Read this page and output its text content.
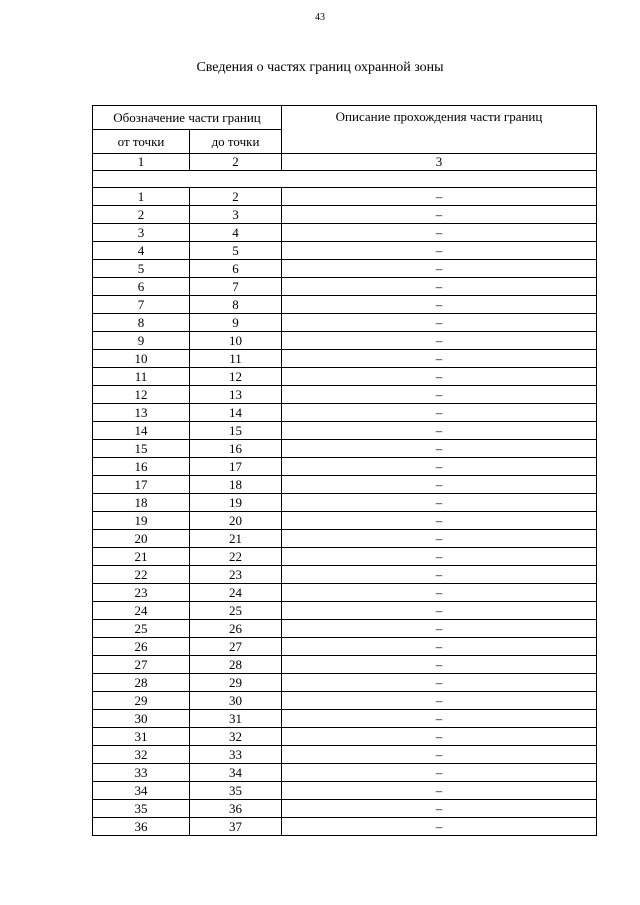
43
Сведения о частях границ охранной зоны
Обозначение части границ		Описание прохождения части границ
от точки	до точки	
1	2	3

1	2	–
2	3	–
3	4	–
4	5	–
5	6	–
6	7	–
7	8	–
8	9	–
9	10	–
10	11	–
11	12	–
12	13	–
13	14	–
14	15	–
15	16	–
16	17	–
17	18	–
18	19	–
19	20	–
20	21	–
21	22	–
22	23	–
23	24	–
24	25	–
25	26	–
26	27	–
27	28	–
28	29	–
29	30	–
30	31	–
31	32	–
32	33	–
33	34	–
34	35	–
35	36	–
36	37	–
